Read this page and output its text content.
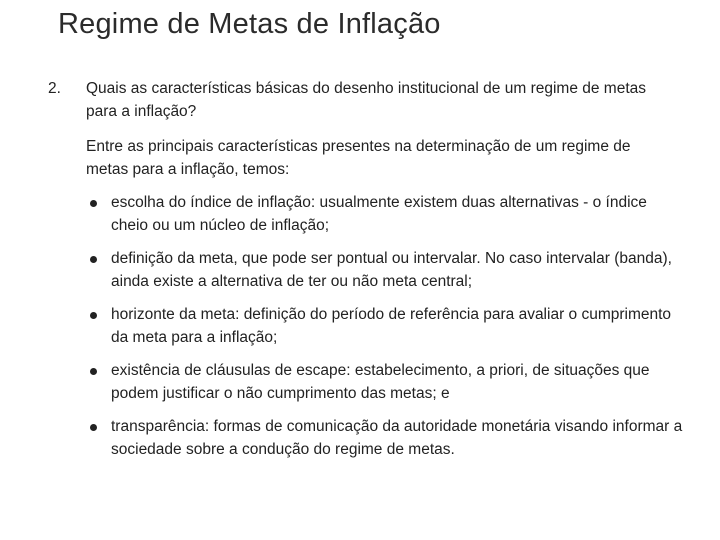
Regime de Metas de Inflação
2. Quais as características básicas do desenho institucional de um regime de metas para a inflação?
Entre as principais características presentes na determinação de um regime de metas para a inflação, temos:
escolha do índice de inflação: usualmente existem duas alternativas - o índice cheio ou um núcleo de inflação;
definição da meta, que pode ser pontual ou intervalar. No caso intervalar (banda), ainda existe a alternativa de ter ou não meta central;
horizonte da meta: definição do período de referência para avaliar o cumprimento da meta para a inflação;
existência de cláusulas de escape: estabelecimento, a priori, de situações que podem justificar o não cumprimento das metas; e
transparência: formas de comunicação da autoridade monetária visando informar a sociedade sobre a condução do regime de metas.
